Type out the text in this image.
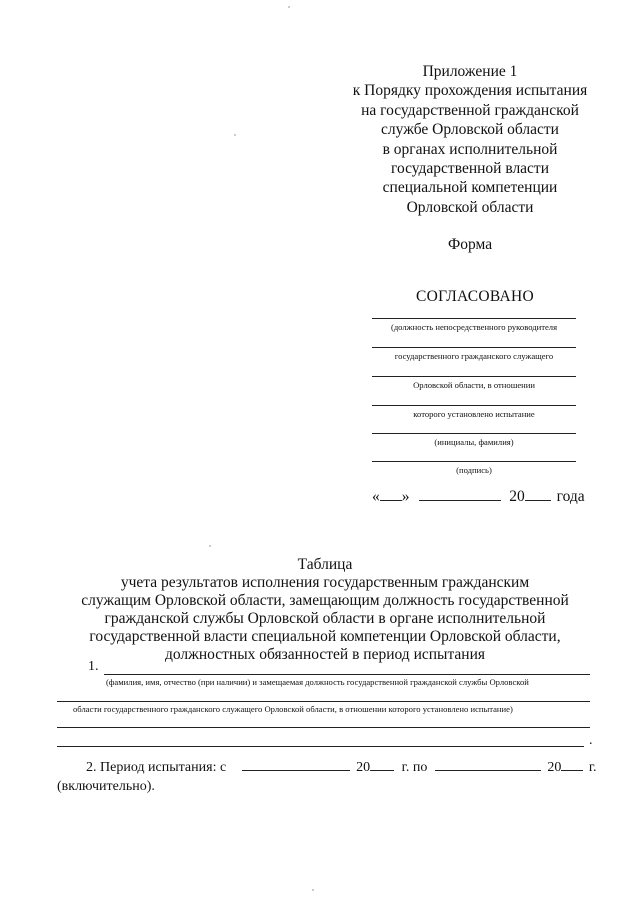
Приложение 1
к Порядку прохождения испытания
на государственной гражданской
службе Орловской области
в органах исполнительной
государственной власти
специальной компетенции
Орловской области
Форма
СОГЛАСОВАНО
(должность непосредственного руководителя
государственного гражданского служащего
Орловской области, в отношении
которого установлено испытание
(инициалы, фамилия)
(подпись)
« »	20 года
Таблица
учета результатов исполнения государственным гражданским
служащим Орловской области, замещающим должность государственной
гражданской службы Орловской области в органе исполнительной
государственной власти специальной компетенции Орловской области,
должностных обязанностей в период испытания
1.
(фамилия, имя, отчество (при наличии) и замещаемая должность государственной гражданской службы Орловской
области государственного гражданского служащего Орловской области, в отношении которого установлено испытание)
.
2. Период испытания: с	20 г. по	20 г.
(включительно).
